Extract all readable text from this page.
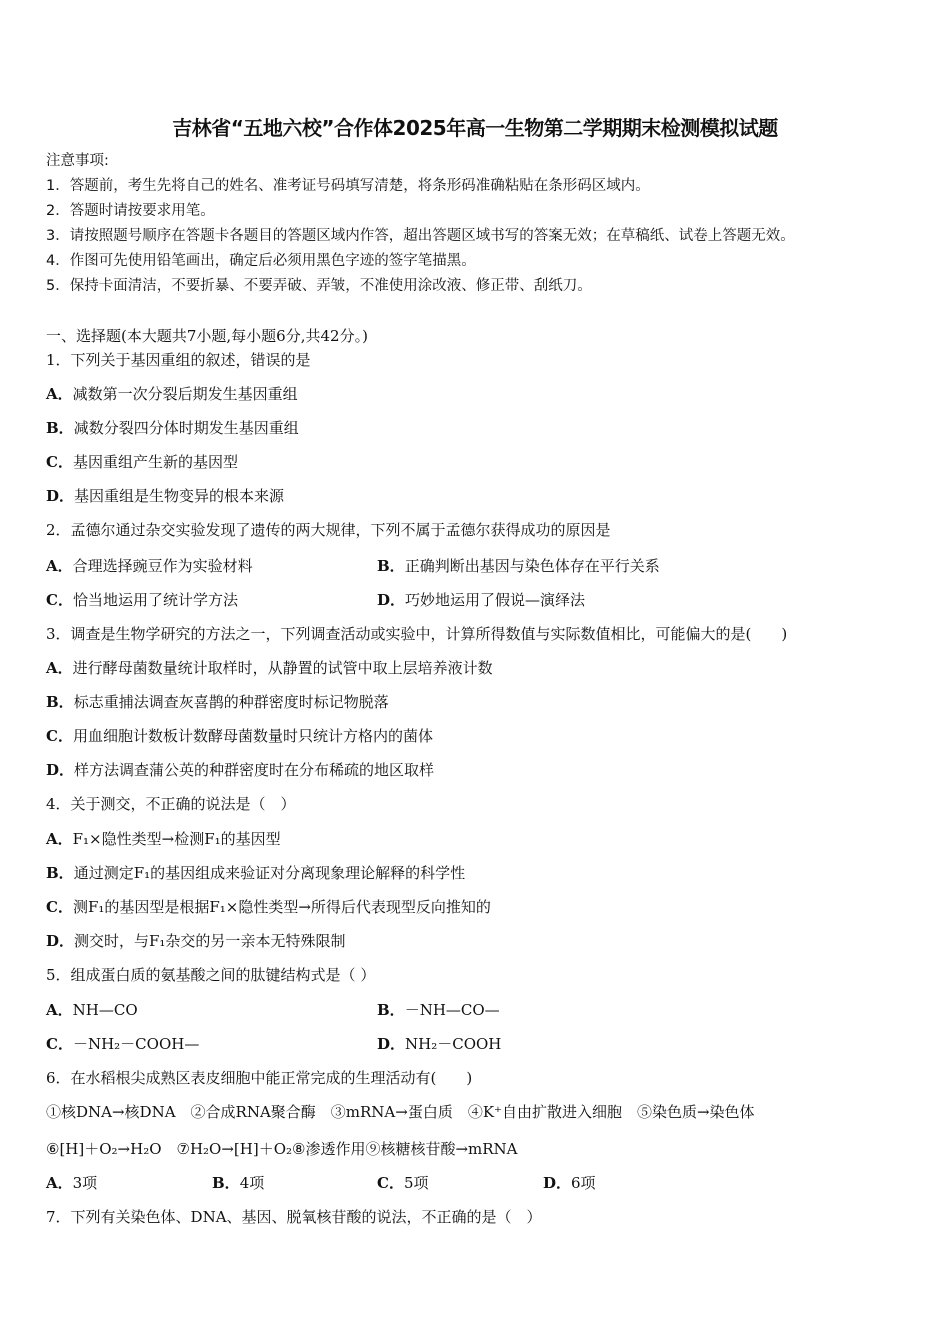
吉林省“五地六校”合作体2025年高一生物第二学期期末检测模拟试题
注意事项:
1．答题前，考生先将自己的姓名、准考证号码填写清楚，将条形码准确粘贴在条形码区域内。
2．答题时请按要求用笔。
3．请按照题号顺序在答题卡各题目的答题区域内作答，超出答题区域书写的答案无效；在草稿纸、试卷上答题无效。
4．作图可先使用铅笔画出，确定后必须用黑色字迹的签字笔描黑。
5．保持卡面清洁，不要折暴、不要弄破、弄皱，不准使用涂改液、修正带、刮纸刀。
一、选择题(本大题共7小题,每小题6分,共42分。)
1．下列关于基因重组的叙述，错误的是
A．减数第一次分裂后期发生基因重组
B．减数分裂四分体时期发生基因重组
C．基因重组产生新的基因型
D．基因重组是生物变异的根本来源
2．孟德尔通过杂交实验发现了遗传的两大规律，下列不属于孟德尔获得成功的原因是
A．合理选择豌豆作为实验材料	B．正确判断出基因与染色体存在平行关系
C．恰当地运用了统计学方法	D．巧妙地运用了假说—演绎法
3．调查是生物学研究的方法之一，下列调查活动或实验中，计算所得数值与实际数值相比，可能偏大的是(　　)
A．进行酵母菌数量统计取样时，从静置的试管中取上层培养液计数
B．标志重捕法调查灰喜鹊的种群密度时标记物脱落
C．用血细胞计数板计数酵母菌数量时只统计方格内的菌体
D．样方法调查蒲公英的种群密度时在分布稀疏的地区取样
4．关于测交，不正确的说法是（　）
A．F₁×隐性类型→检测F₁的基因型
B．通过测定F₁的基因组成来验证对分离现象理论解释的科学性
C．测F₁的基因型是根据F₁×隐性类型→所得后代表现型反向推知的
D．测交时，与F₁杂交的另一亲本无特殊限制
5．组成蛋白质的氨基酸之间的肽键结构式是（ ）
A．NH—CO	B．－NH—CO—
C．－NH₂－COOH—	D．NH₂－COOH
6．在水稻根尖成熟区表皮细胞中能正常完成的生理活动有(　　)
①核DNA→核DNA　②合成RNA聚合酶　③mRNA→蛋白质　④K⁺自由扩散进入细胞　⑤染色质→染色体
⑥[H]＋O₂→H₂O　⑦H₂O→[H]＋O₂⑧渗透作用⑨核糖核苷酸→mRNA
A．3项	B．4项	C．5项	D．6项
7．下列有关染色体、DNA、基因、脱氧核苷酸的说法，不正确的是（　）
